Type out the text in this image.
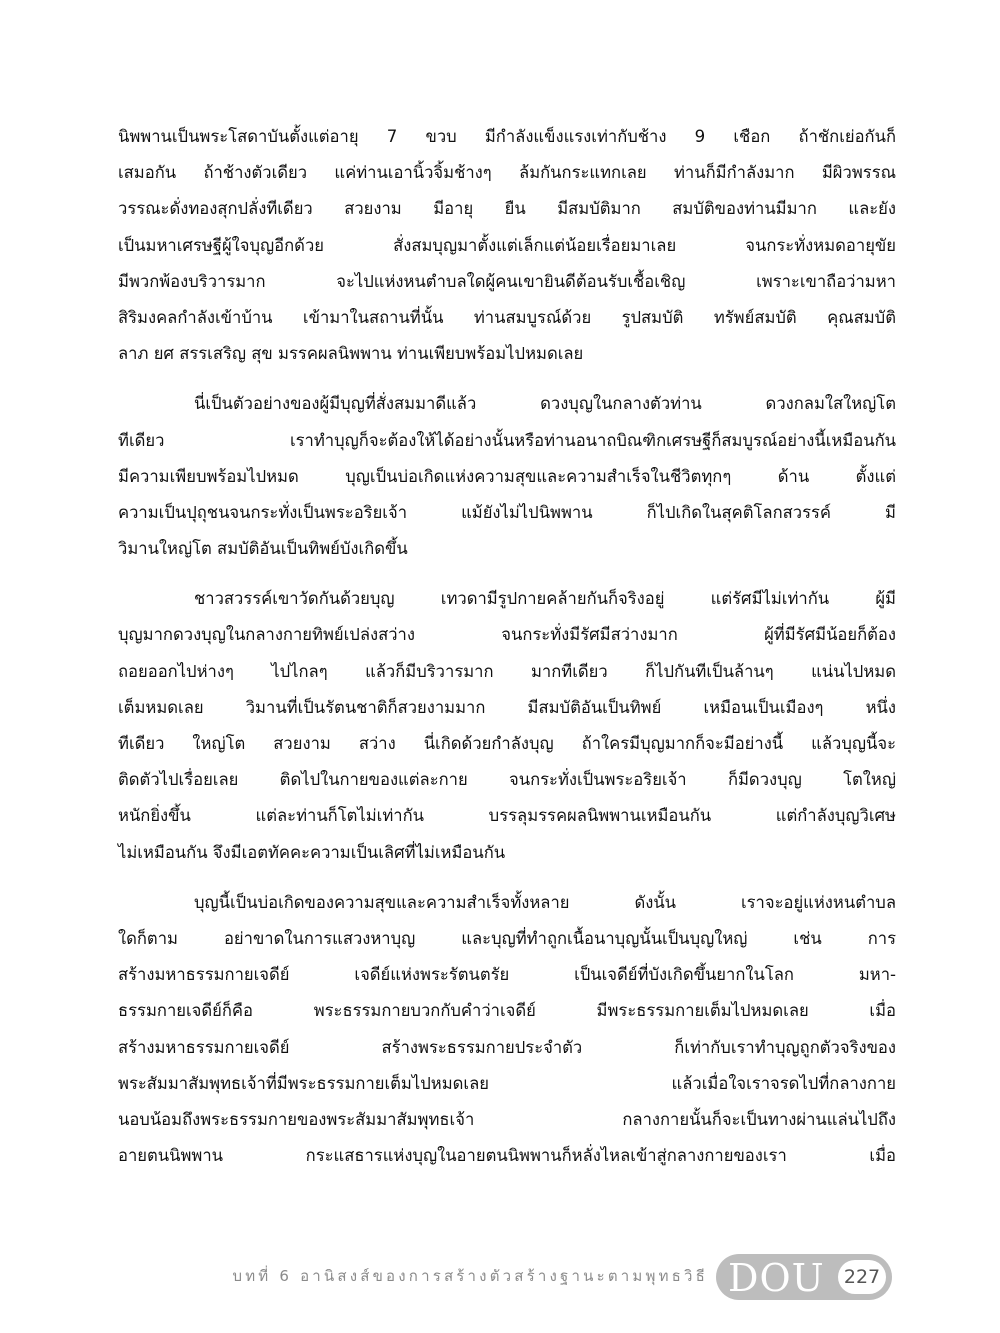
นิพพานเป็นพระโสดาบันตั้งแต่อายุ 7 ขวบ มีกำลังแข็งแรงเท่ากับช้าง 9 เชือก ถ้าชักเย่อกันก็
เสมอกัน ถ้าช้างตัวเดียว แค่ท่านเอานิ้วจิ้มช้างๆ ล้มกันกระแทกเลย ท่านก็มีกำลังมาก มีผิวพรรณ
วรรณะดั่งทองสุกปลั่งทีเดียว สวยงาม มีอายุ ยืน มีสมบัติมาก สมบัติของท่านมีมาก และยัง
เป็นมหาเศรษฐีผู้ใจบุญอีกด้วย สั่งสมบุญมาตั้งแต่เล็กแต่น้อยเรื่อยมาเลย จนกระทั่งหมดอายุขัย
มีพวกพ้องบริวารมาก จะไปแห่งหนตำบลใดผู้คนเขายินดีต้อนรับเชื้อเชิญ เพราะเขาถือว่ามหา
สิริมงคลกำลังเข้าบ้าน เข้ามาในสถานที่นั้น ท่านสมบูรณ์ด้วย รูปสมบัติ ทรัพย์สมบัติ คุณสมบัติ
ลาภ ยศ สรรเสริญ สุข มรรคผลนิพพาน ท่านเพียบพร้อมไปหมดเลย
นี่เป็นตัวอย่างของผู้มีบุญที่สั่งสมมาดีแล้ว ดวงบุญในกลางตัวท่าน ดวงกลมใสใหญ่โต
ทีเดียว เราทำบุญก็จะต้องให้ได้อย่างนั้นหรือท่านอนาถบิณฑิกเศรษฐีก็สมบูรณ์อย่างนี้เหมือนกัน
มีความเพียบพร้อมไปหมด บุญเป็นบ่อเกิดแห่งความสุขและความสำเร็จในชีวิตทุกๆ ด้าน ตั้งแต่
ความเป็นปุถุชนจนกระทั่งเป็นพระอริยเจ้า แม้ยังไม่ไปนิพพาน ก็ไปเกิดในสุคติโลกสวรรค์ มี
วิมานใหญ่โต สมบัติอันเป็นทิพย์บังเกิดขึ้น
ชาวสวรรค์เขาวัดกันด้วยบุญ เทวดามีรูปกายคล้ายกันก็จริงอยู่ แต่รัศมีไม่เท่ากัน ผู้มี
บุญมากดวงบุญในกลางกายทิพย์เปล่งสว่าง จนกระทั่งมีรัศมีสว่างมาก ผู้ที่มีรัศมีน้อยก็ต้อง
ถอยออกไปห่างๆ ไปไกลๆ แล้วก็มีบริวารมาก มากทีเดียว ก็ไปกันทีเป็นล้านๆ แน่นไปหมด
เต็มหมดเลย วิมานที่เป็นรัตนชาติก็สวยงามมาก มีสมบัติอันเป็นทิพย์ เหมือนเป็นเมืองๆ หนึ่ง
ทีเดียว ใหญ่โต สวยงาม สว่าง นี่เกิดด้วยกำลังบุญ ถ้าใครมีบุญมากก็จะมีอย่างนี้ แล้วบุญนี้จะ
ติดตัวไปเรื่อยเลย ติดไปในกายของแต่ละกาย จนกระทั่งเป็นพระอริยเจ้า ก็มีดวงบุญ โตใหญ่
หนักยิ่งขึ้น แต่ละท่านก็โตไม่เท่ากัน บรรลุมรรคผลนิพพานเหมือนกัน แต่กำลังบุญวิเศษ
ไม่เหมือนกัน จึงมีเอตทัคคะความเป็นเลิศที่ไม่เหมือนกัน
บุญนี้เป็นบ่อเกิดของความสุขและความสำเร็จทั้งหลาย ดังนั้น เราจะอยู่แห่งหนตำบล
ใดก็ตาม อย่าขาดในการแสวงหาบุญ และบุญที่ทำถูกเนื้อนาบุญนั้นเป็นบุญใหญ่ เช่น การ
สร้างมหาธรรมกายเจดีย์ เจดีย์แห่งพระรัตนตรัย เป็นเจดีย์ที่บังเกิดขึ้นยากในโลก มหา-
ธรรมกายเจดีย์ก็คือ พระธรรมกายบวกกับคำว่าเจดีย์ มีพระธรรมกายเต็มไปหมดเลย เมื่อ
สร้างมหาธรรมกายเจดีย์ สร้างพระธรรมกายประจำตัว ก็เท่ากับเราทำบุญถูกตัวจริงของ
พระสัมมาสัมพุทธเจ้าที่มีพระธรรมกายเต็มไปหมดเลย แล้วเมื่อใจเราจรดไปที่กลางกาย
นอบน้อมถึงพระธรรมกายของพระสัมมาสัมพุทธเจ้า กลางกายนั้นก็จะเป็นทางผ่านแล่นไปถึง
อายตนนิพพาน กระแสธารแห่งบุญในอายตนนิพพานก็หลั่งไหลเข้าสู่กลางกายของเรา เมื่อ
บทที่ 6 อานิสงส์ของการสร้างตัวสร้างฐานะตามพุทธวิธี DOU	227
